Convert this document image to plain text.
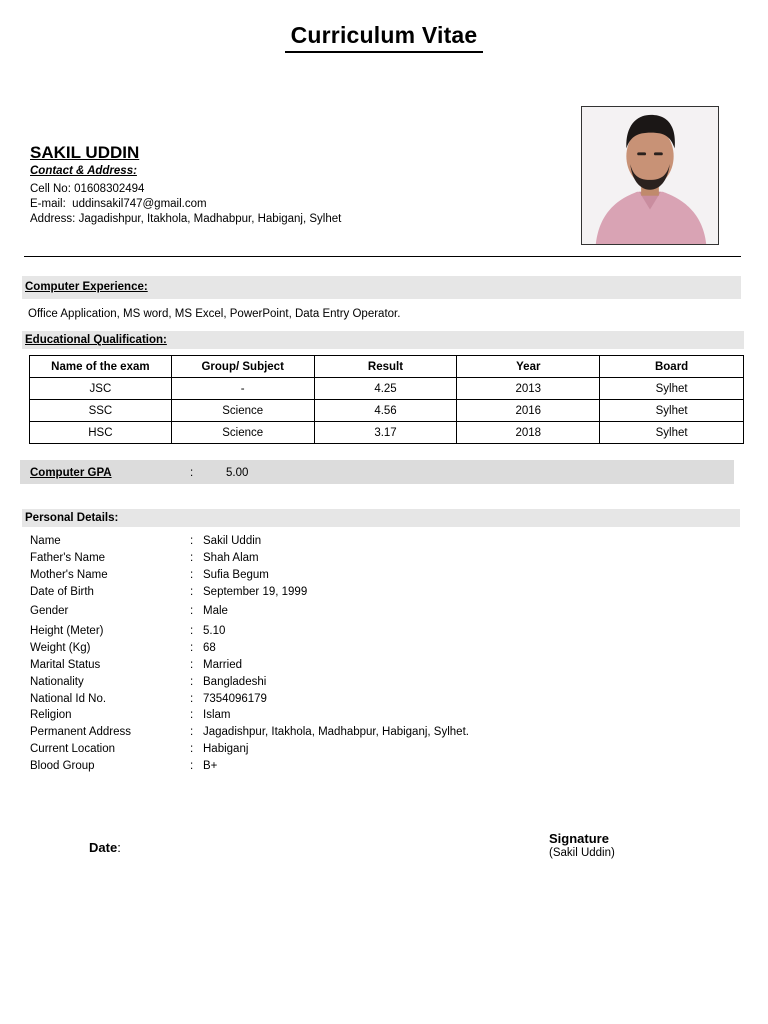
Curriculum Vitae
SAKIL UDDIN
Contact & Address:
Cell No: 01608302494
E-mail:  uddinsakil747@gmail.com
Address: Jagadishpur, Itakhola, Madhabpur, Habiganj, Sylhet
Computer Experience:
Office Application, MS word, MS Excel, PowerPoint, Data Entry Operator.
Educational Qualification:
Name of the exam	Group/ Subject	Result	Year	Board
JSC	-	4.25	2013	Sylhet
SSC	Science	4.56	2016	Sylhet
HSC	Science	3.17	2018	Sylhet
Computer GPA	:	5.00
Personal Details:
Name	: Sakil Uddin
Father's Name	: Shah Alam
Mother's Name	: Sufia Begum
Date of Birth	: September 19, 1999
Gender	: Male
Height (Meter)	: 5.10
Weight (Kg)	: 68
Marital Status	: Married
Nationality	: Bangladeshi
National Id No.	: 7354096179
Religion	: Islam
Permanent Address	: Jagadishpur, Itakhola, Madhabpur, Habiganj, Sylhet.
Current Location	: Habiganj
Blood Group	: B+
Date:
Signature
(Sakil Uddin)
